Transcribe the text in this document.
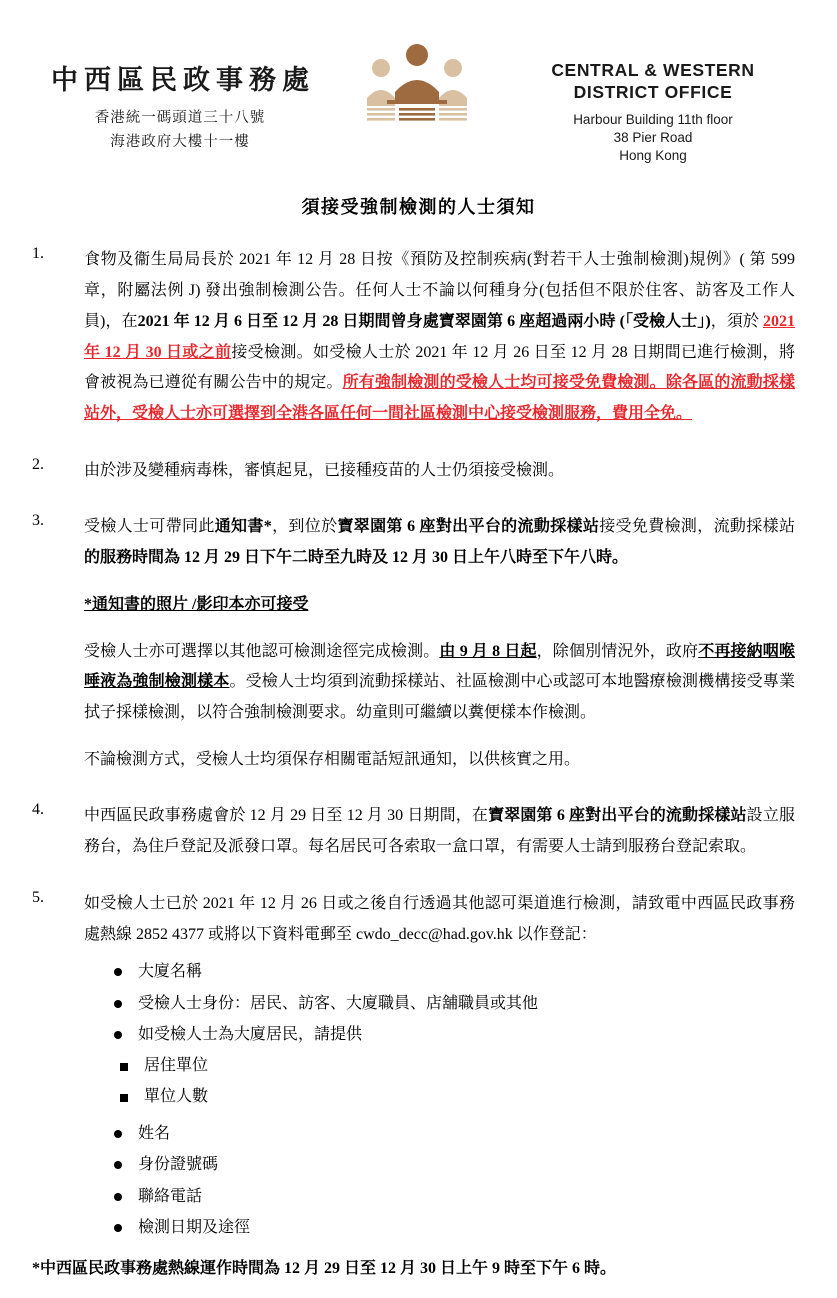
中西區民政事務處
香港統一碼頭道三十八號
海港政府大樓十一樓
CENTRAL & WESTERN
DISTRICT OFFICE
Harbour Building 11th floor
38 Pier Road
Hong Kong
須接受強制檢測的人士須知
1.	食物及衞生局局長於 2021 年 12 月 28 日按《預防及控制疾病(對若干人士強制檢測)規例》( 第 599 章，附屬法例 J) 發出強制檢測公告。任何人士不論以何種身分(包括但不限於住客、訪客及工作人員)，在2021 年 12 月 6 日至 12 月 28 日期間曾身處寶翠園第 6 座超過兩小時 (「受檢人士」)，須於 2021 年 12 月 30 日或之前接受檢測。如受檢人士於 2021 年 12 月 26 日至 12 月 28 日期間已進行檢測，將會被視為已遵從有關公告中的規定。所有強制檢測的受檢人士均可接受免費檢測。除各區的流動採樣站外，受檢人士亦可選擇到全港各區任何一間社區檢測中心接受檢測服務，費用全免。

2.	由於涉及變種病毒株，審慎起見，已接種疫苗的人士仍須接受檢測。

3.	受檢人士可帶同此通知書*，到位於寶翠園第 6 座對出平台的流動採樣站接受免費檢測，流動採樣站的服務時間為 12 月 29 日下午二時至九時及 12 月 30 日上午八時至下午八時。

*通知書的照片 /影印本亦可接受

受檢人士亦可選擇以其他認可檢測途徑完成檢測。由 9 月 8 日起，除個別情況外，政府不再接納咽喉唾液為強制檢測樣本。受檢人士均須到流動採樣站、社區檢測中心或認可本地醫療檢測機構接受專業拭子採樣檢測，以符合強制檢測要求。幼童則可繼續以糞便樣本作檢測。

不論檢測方式，受檢人士均須保存相關電話短訊通知，以供核實之用。

4.	中西區民政事務處會於 12 月 29 日至 12 月 30 日期間，在寶翠園第 6 座對出平台的流動採樣站設立服務台，為住戶登記及派發口罩。每名居民可各索取一盒口罩，有需要人士請到服務台登記索取。

5.	如受檢人士已於 2021 年 12 月 26 日或之後自行透過其他認可渠道進行檢測，請致電中西區民政事務處熱線 2852 4377 或將以下資料電郵至 cwdo_decc@had.gov.hk 以作登記：

大廈名稱
受檢人士身份：居民、訪客、大廈職員、店舖職員或其他
如受檢人士為大廈居民，請提供
居住單位
單位人數
姓名
身份證號碼
聯絡電話
檢測日期及途徑
*中西區民政事務處熱線運作時間為 12 月 29 日至 12 月 30 日上午 9 時至下午 6 時。
